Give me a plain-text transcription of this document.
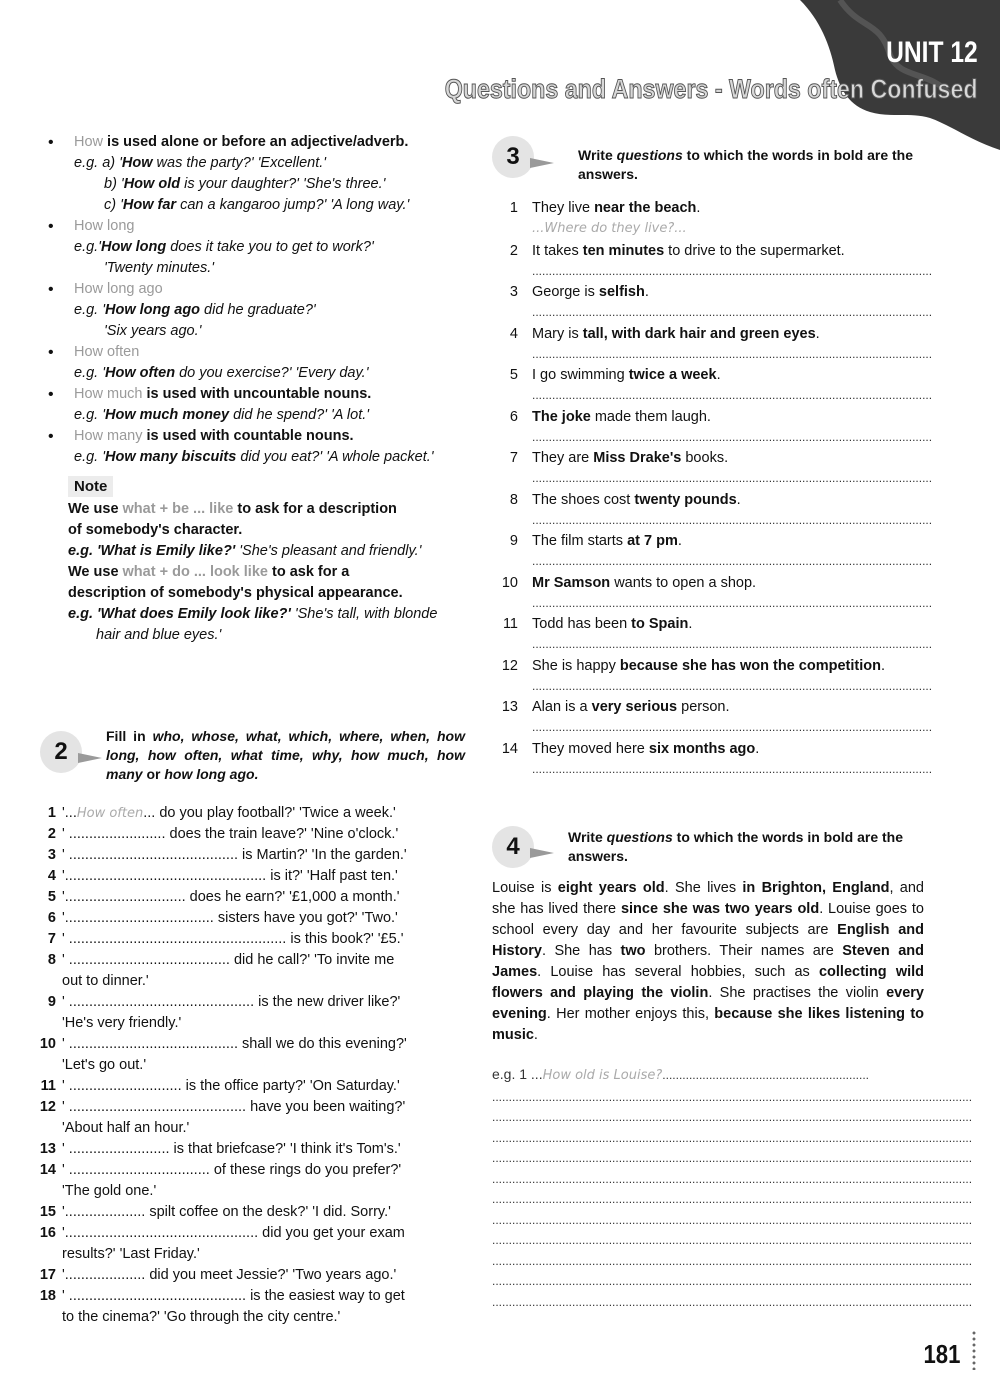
UNIT 12
Questions and Answers - Words often Confused
• How is used alone or before an adjective/adverb.
e.g. a) 'How was the party?' 'Excellent.'
b) 'How old is your daughter?' 'She's three.'
c) 'How far can a kangaroo jump?' 'A long way.'
• How long
e.g.'How long does it take you to get to work?'
'Twenty minutes.'
• How long ago
e.g. 'How long ago did he graduate?'
'Six years ago.'
• How often
e.g. 'How often do you exercise?' 'Every day.'
• How much is used with uncountable nouns.
e.g. 'How much money did he spend?' 'A lot.'
• How many is used with countable nouns.
e.g. 'How many biscuits did you eat?' 'A whole packet.'
Note
We use what + be ... like to ask for a description
of somebody's character.
e.g. 'What is Emily like?' 'She's pleasant and friendly.'
We use what + do ... look like to ask for a
description of somebody's physical appearance.
e.g. 'What does Emily look like?' 'She's tall, with blonde
hair and blue eyes.'
2
Fill in who, whose, what, which, where, when, how long, how often, what time, why, how much, how many or how long ago.
1 '...How often... do you play football?' 'Twice a week.'
2 ' ........................ does the train leave?' 'Nine o'clock.'
3 ' .......................................... is Martin?' 'In the garden.'
4 '.................................................. is it?' 'Half past ten.'
5 '.............................. does he earn?' '£1,000 a month.'
6 '..................................... sisters have you got?' 'Two.'
7 ' ...................................................... is this book?' '£5.'
8 ' ........................................ did he call?' 'To invite me
out to dinner.'
9 ' .............................................. is the new driver like?'
'He's very friendly.'
10 ' .......................................... shall we do this evening?'
'Let's go out.'
11 ' ............................ is the office party?' 'On Saturday.'
12 ' ............................................ have you been waiting?'
'About half an hour.'
13 ' ......................... is that briefcase?' 'I think it's Tom's.'
14 ' ................................... of these rings do you prefer?'
'The gold one.'
15 '.................... spilt coffee on the desk?' 'I did. Sorry.'
16 '................................................ did you get your exam
results?' 'Last Friday.'
17 '.................... did you meet Jessie?' 'Two years ago.'
18 ' ............................................ is the easiest way to get
to the cinema?' 'Go through the city centre.'
3	Write questions to which the words in bold are the answers.
1 They live near the beach.
...Where do they live?...
2 It takes ten minutes to drive to the supermarket.
........................................................................................................................
3 George is selfish.
........................................................................................................................
4 Mary is tall, with dark hair and green eyes.
........................................................................................................................
5 I go swimming twice a week.
........................................................................................................................
6 The joke made them laugh.
........................................................................................................................
7 They are Miss Drake's books.
........................................................................................................................
8 The shoes cost twenty pounds.
........................................................................................................................
9 The film starts at 7 pm.
........................................................................................................................
10 Mr Samson wants to open a shop.
........................................................................................................................
11 Todd has been to Spain.
........................................................................................................................
12 She is happy because she has won the competition.
........................................................................................................................
13 Alan is a very serious person.
........................................................................................................................
14 They moved here six months ago.
........................................................................................................................
4	Write questions to which the words in bold are the answers.
Louise is eight years old. She lives in Brighton, England, and she has lived there since she was two years old. Louise goes to school every day and her favourite subjects are English and History. She has two brothers. Their names are Steven and James. Louise has several hobbies, such as collecting wild flowers and playing the violin. She practises the violin every evening. Her mother enjoys this, because she likes listening to music.
e.g. 1 ...How old is Louise?..............................................................
................................................................................................................................................
................................................................................................................................................
................................................................................................................................................
................................................................................................................................................
................................................................................................................................................
................................................................................................................................................
................................................................................................................................................
................................................................................................................................................
................................................................................................................................................
................................................................................................................................................
................................................................................................................................................
181
